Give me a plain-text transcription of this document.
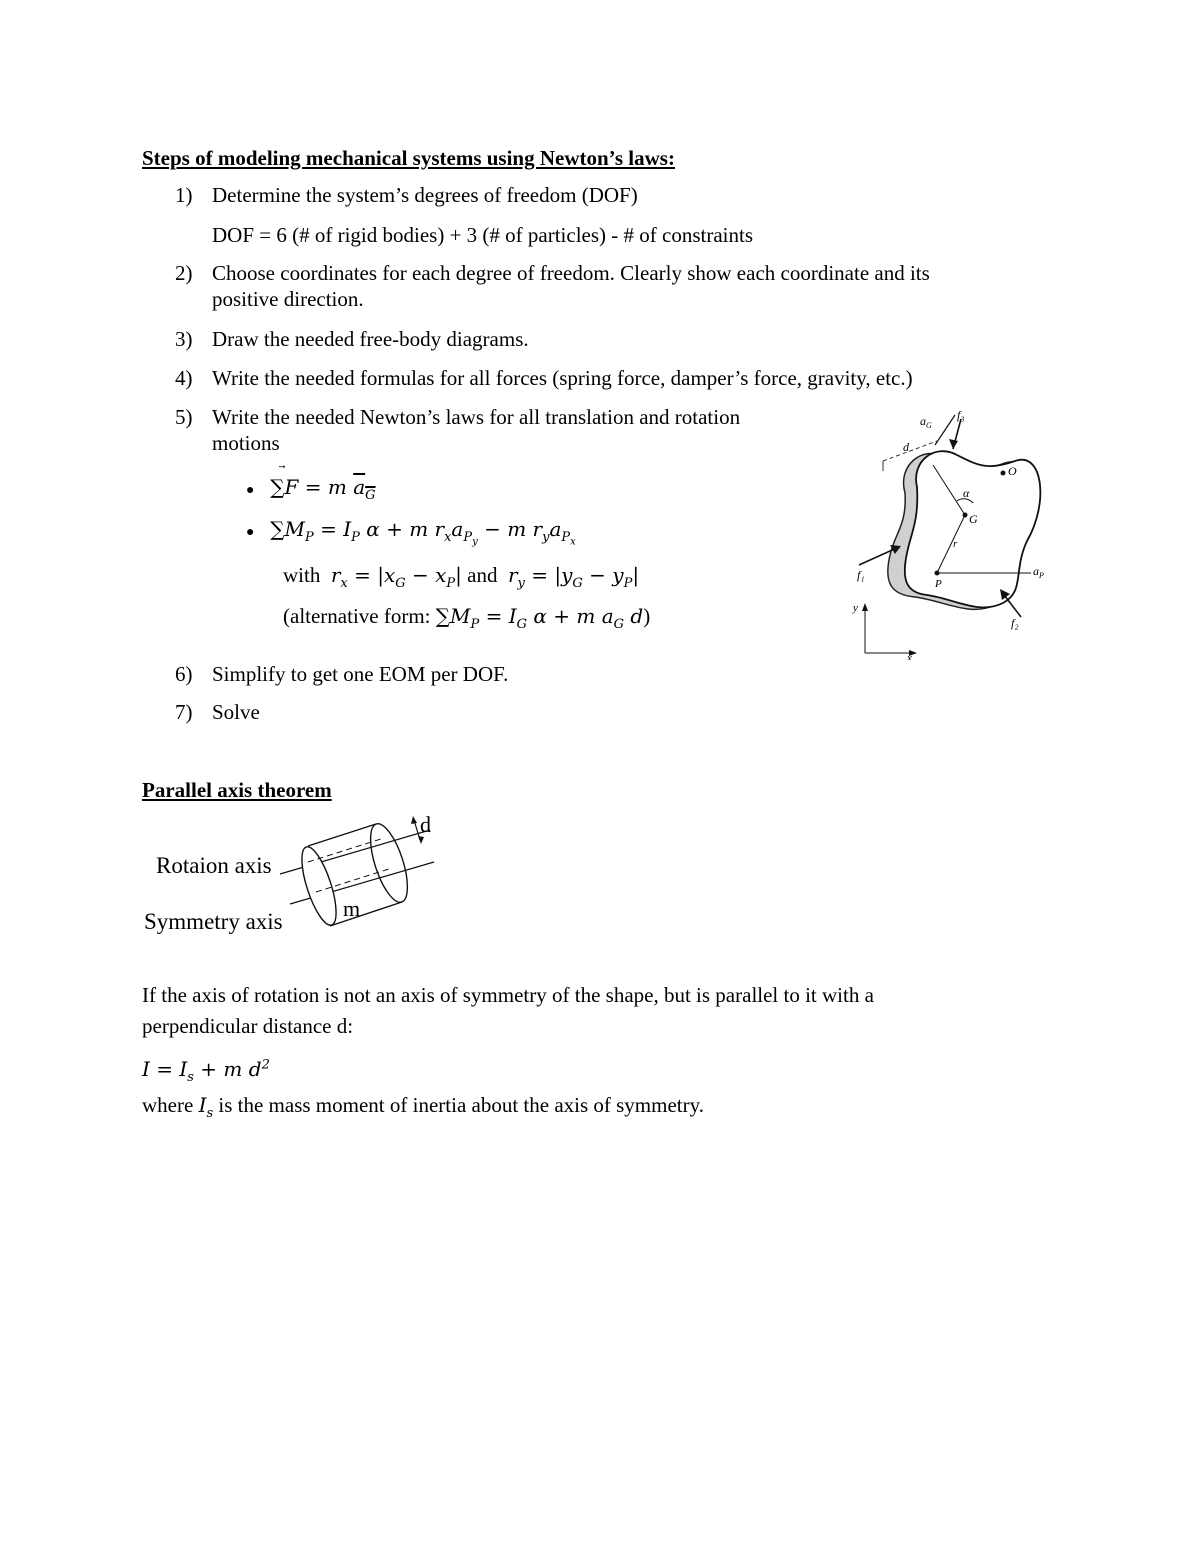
Steps of modeling mechanical systems using Newton’s laws:
1) Determine the system’s degrees of freedom (DOF)
DOF = 6 (# of rigid bodies) + 3 (# of particles) - # of constraints
2) Choose coordinates for each degree of freedom. Clearly show each coordinate and its
positive direction.
3) Draw the needed free-body diagrams.
4) Write the needed formulas for all forces (spring force, damper’s force, gravity, etc.)
5) Write the needed Newton’s laws for all translation and rotation
motions
● ∑F
= m $a_G$
● $\sum M_P = I_P$ α + m $r_xa_{P_y} - m$ $r_ya_{P_x}$
with $r_x = |x_G - x_P|$ and $r_y = |y_G - y_P|$
(alternative form: $\sum M_P = I_G$ α + m $a_G$ d)
6) Simplify to get one EOM per DOF.
7) Solve
d
$a_G$
f₃
O
G
α
r
P
$a_P$
f₁
f₂
y
x
Parallel axis theorem
Rotaion axis
Symmetry axis
m
d
If the axis of rotation is not an axis of symmetry of the shape, but is parallel to it with a
perpendicular distance d:
$I = I_s + m$ $d^2$
where $I_s$ is the mass moment of inertia about the axis of symmetry.
